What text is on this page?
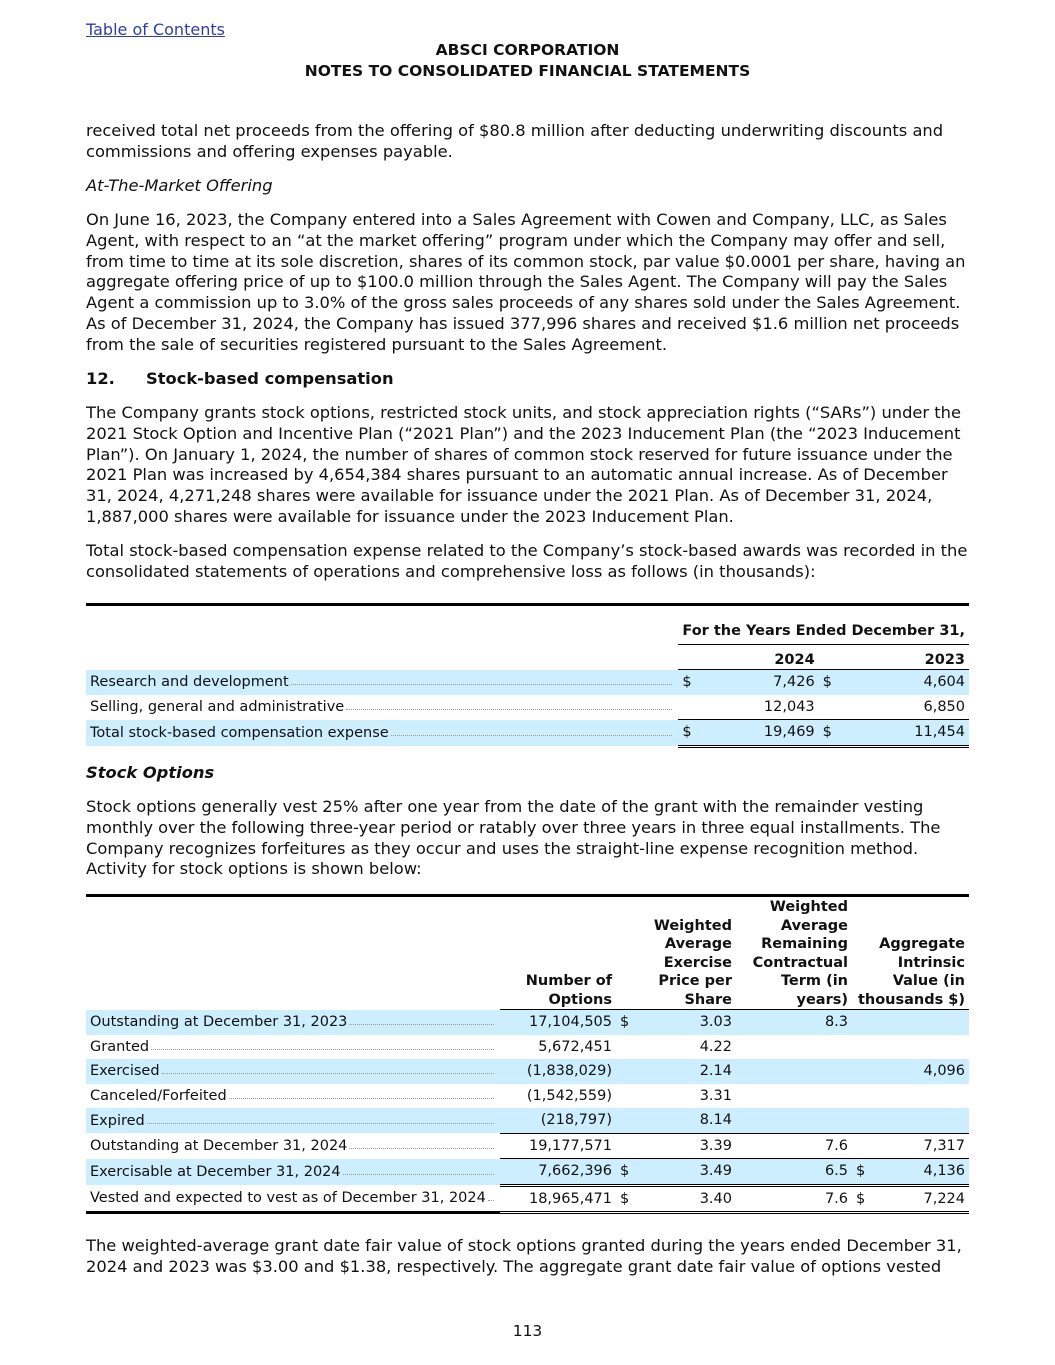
Table of Contents
ABSCI CORPORATION
NOTES TO CONSOLIDATED FINANCIAL STATEMENTS

received total net proceeds from the offering of $80.8 million after deducting underwriting discounts and commissions and offering expenses payable.

At-The-Market Offering

On June 16, 2023, the Company entered into a Sales Agreement with Cowen and Company, LLC, as Sales Agent, with respect to an “at the market offering” program under which the Company may offer and sell, from time to time at its sole discretion, shares of its common stock, par value $0.0001 per share, having an aggregate offering price of up to $100.0 million through the Sales Agent. The Company will pay the Sales Agent a commission up to 3.0% of the gross sales proceeds of any shares sold under the Sales Agreement. As of December 31, 2024, the Company has issued 377,996 shares and received $1.6 million net proceeds from the sale of securities registered pursuant to the Sales Agreement.

12. Stock-based compensation

The Company grants stock options, restricted stock units, and stock appreciation rights (“SARs”) under the 2021 Stock Option and Incentive Plan (“2021 Plan”) and the 2023 Inducement Plan (the “2023 Inducement Plan”). On January 1, 2024, the number of shares of common stock reserved for future issuance under the 2021 Plan was increased by 4,654,384 shares pursuant to an automatic annual increase. As of December 31, 2024, 4,271,248 shares were available for issuance under the 2021 Plan. As of December 31, 2024, 1,887,000 shares were available for issuance under the 2023 Inducement Plan.

Total stock-based compensation expense related to the Company’s stock-based awards was recorded in the consolidated statements of operations and comprehensive loss as follows (in thousands):

	For the Years Ended December 31,			
	2024		2023	

Research and development	$	7,426	$	4,604

Selling, general and administrative		12,043		6,850

Total stock-based compensation expense	$	19,469	$	11,454

Stock Options

Stock options generally vest 25% after one year from the date of the grant with the remainder vesting monthly over the following three-year period or ratably over three years in three equal installments. The Company recognizes forfeitures as they occur and uses the straight-line expense recognition method. Activity for stock options is shown below:

	Number of Options	Weighted Average Exercise Price per Share		Weighted Average Remaining Contractual Term (in years)	Aggregate Intrinsic Value (in thousands $)	

Outstanding at December 31, 2023	17,104,505	$	3.03	8.3		

Granted	5,672,451		4.22			

Exercised	(1,838,029)		2.14			4,096

Canceled/Forfeited	(1,542,559)		3.31			

Expired	(218,797)		8.14			

Outstanding at December 31, 2024	19,177,571		3.39	7.6		7,317

Exercisable at December 31, 2024	7,662,396	$	3.49	6.5	$	4,136

Vested and expected to vest as of December 31, 2024	18,965,471	$	3.40	7.6	$	7,224

The weighted-average grant date fair value of stock options granted during the years ended December 31, 2024 and 2023 was $3.00 and $1.38, respectively. The aggregate grant date fair value of options vested

113
